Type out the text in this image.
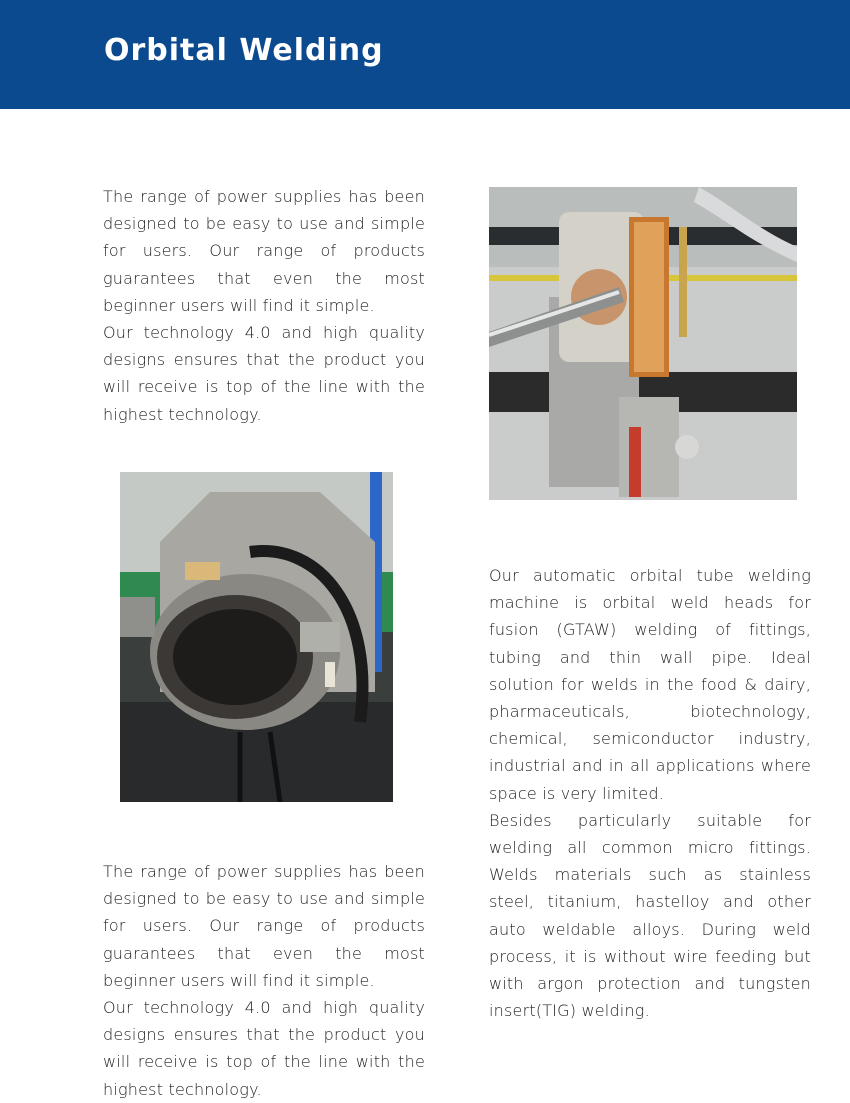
Orbital Welding
The range of power supplies has been designed to be easy to use and simple for users. Our range of products guarantees that even the most beginner users will find it simple.
Our technology 4.0 and high quality designs ensures that the product you will receive is top of the line with the highest technology.
Our automatic orbital tube welding machine is orbital weld heads for fusion (GTAW) welding of fittings, tubing and thin wall pipe. Ideal solution for welds in the food & dairy, pharmaceuticals, biotechnology, chemical, semiconductor industry, industrial and in all applications where space is very limited.
Besides particularly suitable for welding all common micro fittings. Welds materials such as stainless steel, titanium, hastelloy and other auto weldable alloys. During weld process, it is without wire feeding but with argon protection and tungsten insert(TIG) welding.
The range of power supplies has been designed to be easy to use and simple for users. Our range of products guarantees that even the most beginner users will find it simple.
Our technology 4.0 and high quality designs ensures that the product you will receive is top of the line with the highest technology.
